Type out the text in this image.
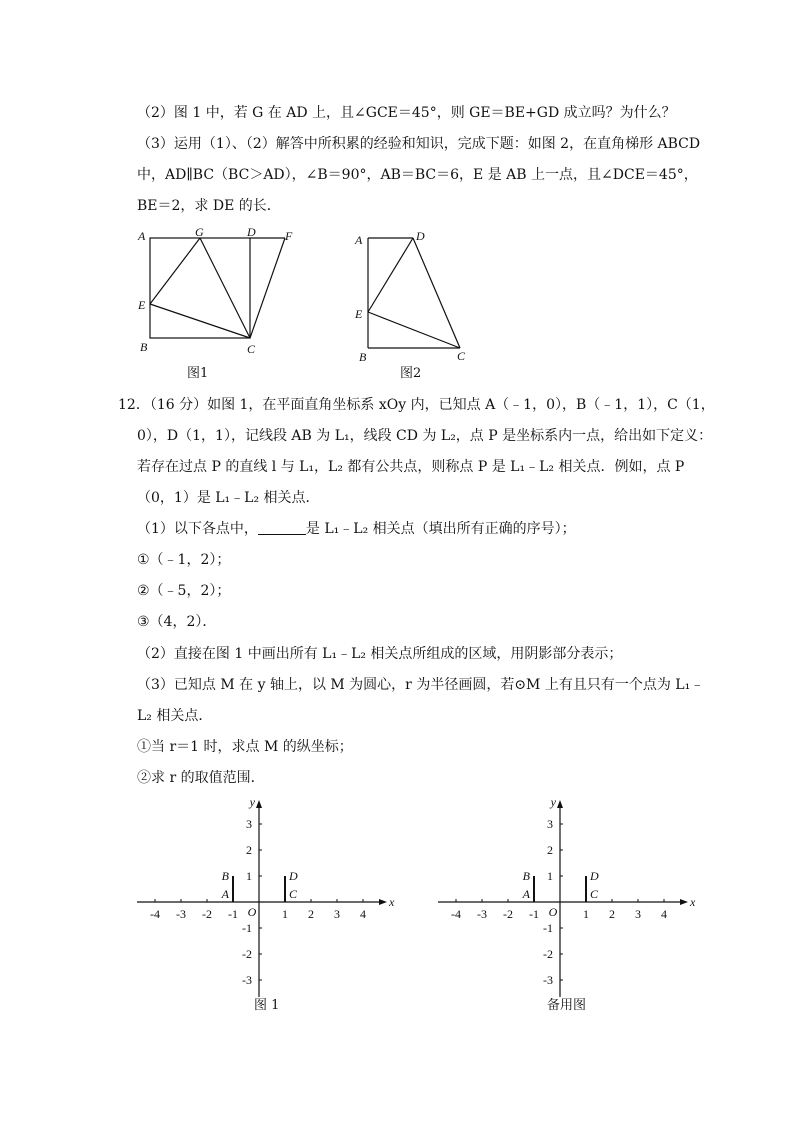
（2）图 1 中，若 G 在 AD 上，且∠GCE＝45°，则 GE＝BE+GD 成立吗？为什么？
（3）运用（1）、（2）解答中所积累的经验和知识，完成下题：如图 2，在直角梯形 ABCD
中，AD∥BC（BC＞AD），∠B＝90°，AB＝BC＝6，E 是 AB 上一点，且∠DCE＝45°，
BE＝2，求 DE 的长．
A	G	D F
E
B	C
图1
A	D
E
B	C
图2
12．（16 分）如图 1，在平面直角坐标系 xOy 内，已知点 A（﹣1，0），B（﹣1，1），C（1，
0），D（1，1），记线段 AB 为 L₁，线段 CD 为 L₂，点 P 是坐标系内一点，给出如下定义：
若存在过点 P 的直线 l 与 L₁，L₂ 都有公共点，则称点 P 是 L₁﹣L₂ 相关点．例如，点 P
（0，1）是 L₁﹣L₂ 相关点．
（1）以下各点中，	是 L₁﹣L₂ 相关点（填出所有正确的序号）；
①（﹣1，2）；
②（﹣5，2）；
③（4，2）．
（2）直接在图 1 中画出所有 L₁﹣L₂ 相关点所组成的区域，用阴影部分表示；
（3）已知点 M 在 y 轴上，以 M 为圆心，r 为半径画圆，若⊙M 上有且只有一个点为 L₁﹣
L₂ 相关点．
①当 r＝1 时，求点 M 的纵坐标；
②求 r 的取值范围．
x
y
O
-4 -3 -2 -1	1 2 3 4
3
2
1
-1
-2
-3
B
A
D
C
图 1
x
y
O
-4 -3 -2 -1	1 2 3 4
3
2
1
-1
-2
-3
B
A
D
C
备用图
